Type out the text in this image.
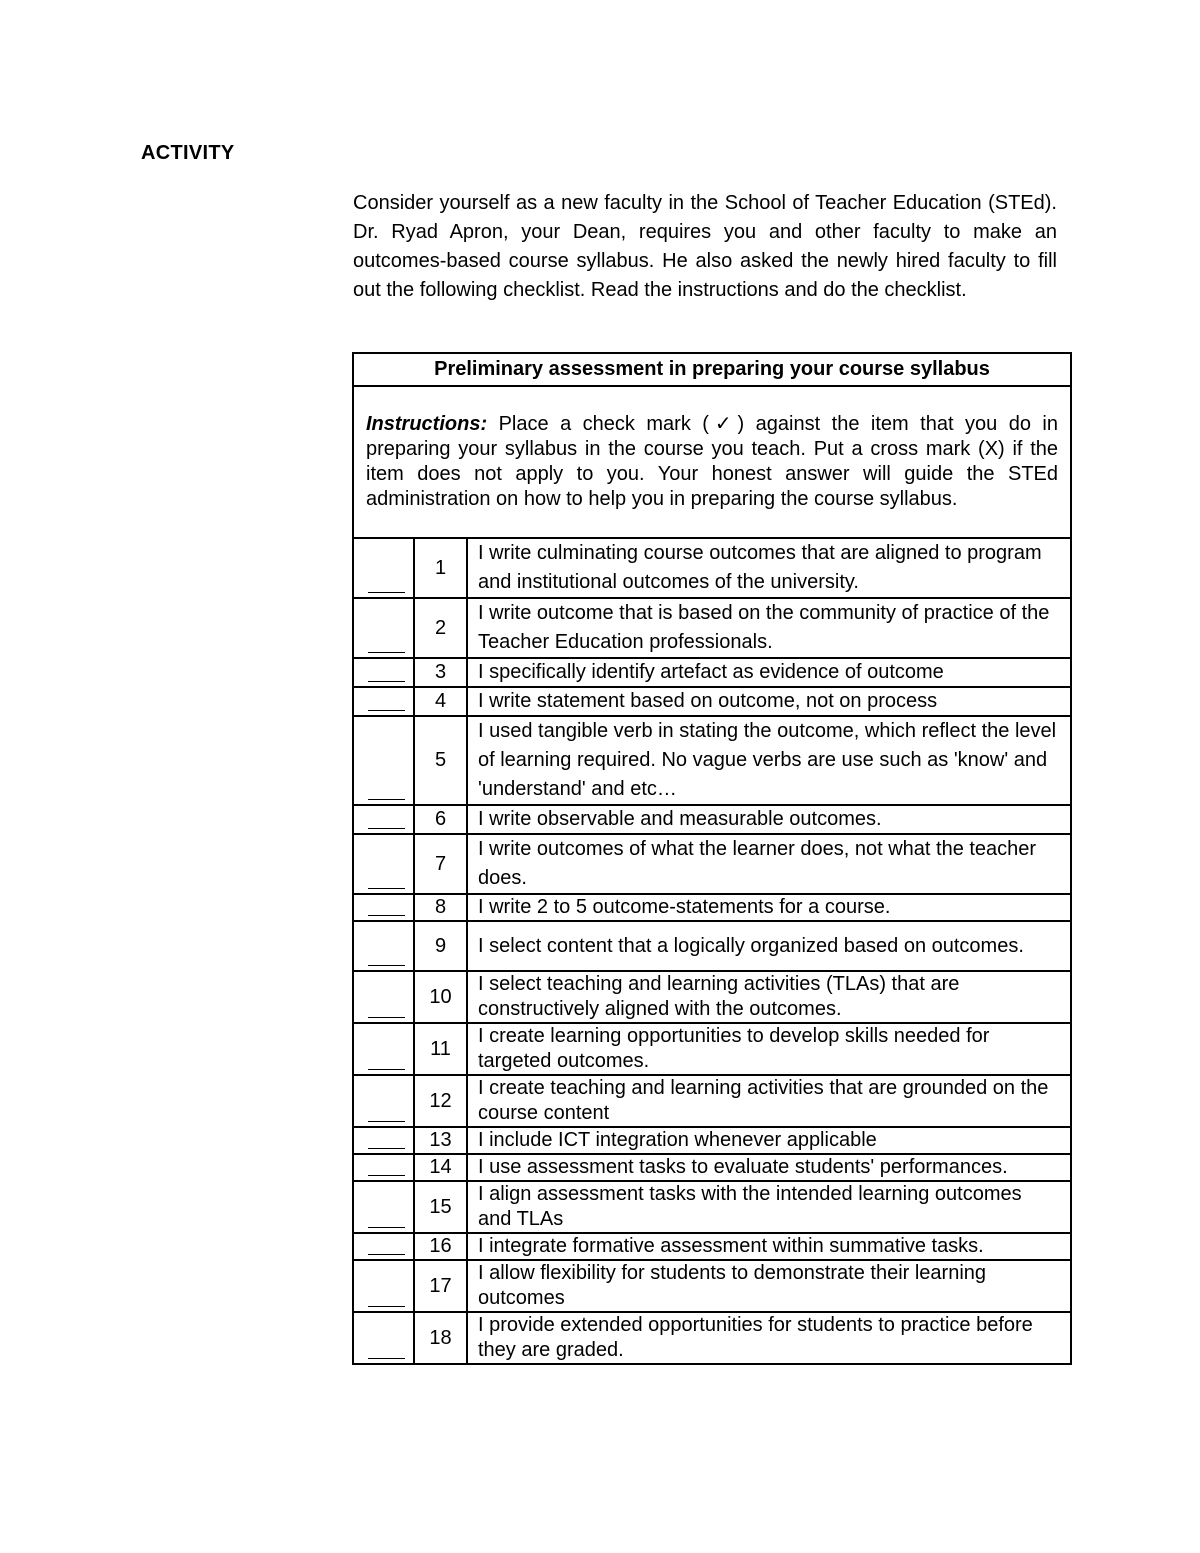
ACTIVITY
Consider yourself as a new faculty in the School of Teacher Education (STEd). Dr. Ryad Apron, your Dean, requires you and other faculty to make an outcomes-based course syllabus. He also asked the newly hired faculty to fill out the following checklist. Read the instructions and do the checklist.
Preliminary assessment in preparing your course syllabus		
Instructions: Place a check mark (✓) against the item that you do in preparing your syllabus in the course you teach. Put a cross mark (X) if the item does not apply to you. Your honest answer will guide the STEd administration on how to help you in preparing the course syllabus.		

	1	I write culminating course outcomes that are aligned to program and institutional outcomes of the university.

	2	I write outcome that is based on the community of practice of the Teacher Education professionals.

	3	I specifically identify artefact as evidence of outcome

	4	I write statement based on outcome, not on process

	5	I used tangible verb in stating the outcome, which reflect the level of learning required. No vague verbs are use such as 'know' and 'understand' and etc…

	6	I write observable and measurable outcomes.

	7	I write outcomes of what the learner does, not what the teacher does.

	8	I write 2 to 5 outcome-statements for a course.

	9	I select content that a logically organized based on outcomes.

	10	I select teaching and learning activities (TLAs) that are constructively aligned with the outcomes.

	11	I create learning opportunities to develop skills needed for targeted outcomes.

	12	I create teaching and learning activities that are grounded on the course content

	13	I include ICT integration whenever applicable

	14	I use assessment tasks to evaluate students' performances.

	15	I align assessment tasks with the intended learning outcomes and TLAs

	16	I integrate formative assessment within summative tasks.

	17	I allow flexibility for students to demonstrate their learning outcomes

	18	I provide extended opportunities for students to practice before they are graded.
